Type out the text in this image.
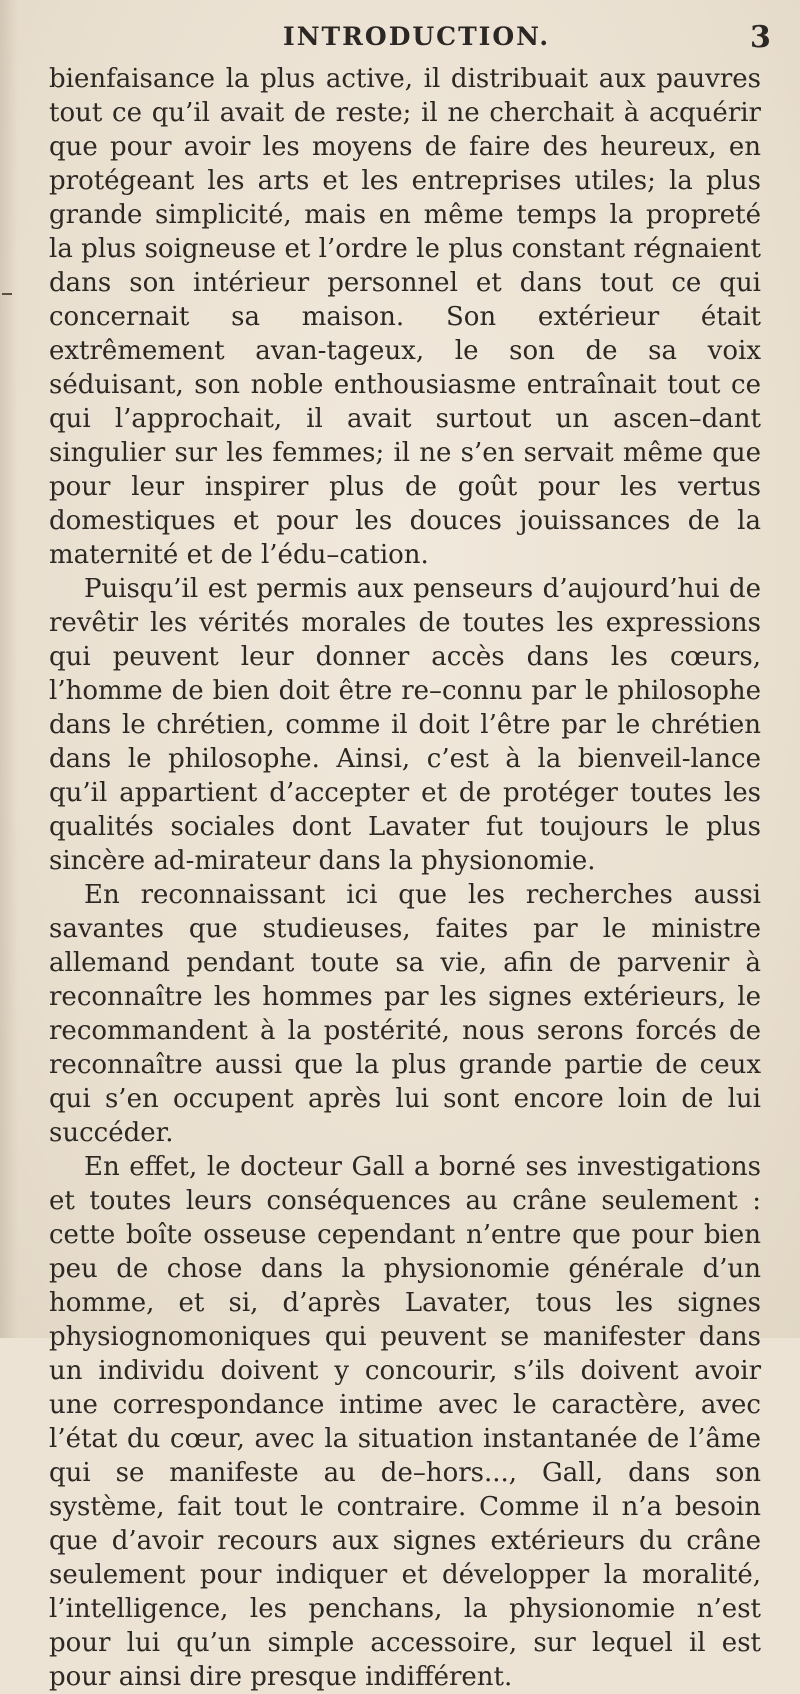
INTRODUCTION.	3

bienfaisance la plus active, il distribuait aux pauvres tout ce qu’il avait de reste; il ne cherchait à acquérir que pour avoir les moyens de faire des heureux, en protégeant les arts et les entreprises utiles; la plus grande simplicité, mais en même temps la propreté la plus soigneuse et l’ordre le plus constant régnaient dans son intérieur personnel et dans tout ce qui concernait sa maison. Son extérieur était extrêmement avan-tageux, le son de sa voix séduisant, son noble enthousiasme entraînait tout ce qui l’approchait, il avait surtout un ascen–dant singulier sur les femmes; il ne s’en servait même que pour leur inspirer plus de goût pour les vertus domestiques et pour les douces jouissances de la maternité et de l’édu–cation.

Puisqu’il est permis aux penseurs d’aujourd’hui de revêtir les vérités morales de toutes les expressions qui peuvent leur donner accès dans les cœurs, l’homme de bien doit être re–connu par le philosophe dans le chrétien, comme il doit l’être par le chrétien dans le philosophe. Ainsi, c’est à la bienveil-lance qu’il appartient d’accepter et de protéger toutes les qualités sociales dont Lavater fut toujours le plus sincère ad-mirateur dans la physionomie.

En reconnaissant ici que les recherches aussi savantes que studieuses, faites par le ministre allemand pendant toute sa vie, afin de parvenir à reconnaître les hommes par les signes extérieurs, le recommandent à la postérité, nous serons forcés de reconnaître aussi que la plus grande partie de ceux qui s’en occupent après lui sont encore loin de lui succéder.

En effet, le docteur Gall a borné ses investigations et toutes leurs conséquences au crâne seulement : cette boîte osseuse cependant n’entre que pour bien peu de chose dans la physionomie générale d’un homme, et si, d’après Lavater, tous les signes physiognomoniques qui peuvent se manifester dans un individu doivent y concourir, s’ils doivent avoir une correspondance intime avec le caractère, avec l’état du cœur, avec la situation instantanée de l’âme qui se manifeste au de–hors..., Gall, dans son système, fait tout le contraire. Comme il n’a besoin que d’avoir recours aux signes extérieurs du crâne seulement pour indiquer et développer la moralité, l’intelligence, les penchans, la physionomie n’est pour lui qu’un simple accessoire, sur lequel il est pour ainsi dire presque indifférent.
